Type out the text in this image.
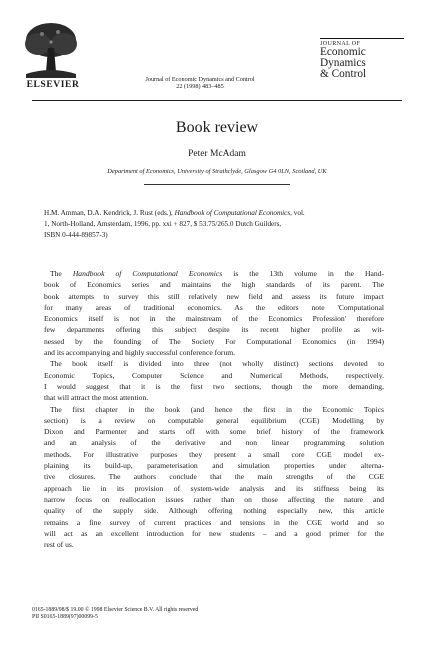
ELSEVIER
Journal of Economic Dynamics and Control
22 (1998) 483–485
JOURNAL OF
Economic
Dynamics
& Control
Book review
Peter McAdam
Department of Economics, University of Strathclyde, Glasgow G4 0LN, Scotland, UK
H.M. Amman, D.A. Kendrick, J. Rust (eds.), Handbook of Computational Economics, vol.
1, North-Holland, Amsterdam, 1996, pp. xxi + 827, $ 53.75/265.0 Dutch Guilders,
ISBN 0-444-89857-3)
The Handbook of Computational Economics is the 13th volume in the Hand-
book of Economics series and maintains the high standards of its parent. The
book attempts to survey this still relatively new field and assess its future impact
for many areas of traditional economics. As the editors note 'Computational
Economics itself is not in the mainstream of the Economics Profession' therefore
few departments offering this subject despite its recent higher profile as wit-
nessed by the founding of The Society For Computational Economics (in 1994)
and its accompanying and highly successful conference forum.
The book itself is divided into three (not wholly distinct) sections devoted to
Economic Topics, Computer Science and Numerical Methods, respectively.
I would suggest that it is the first two sections, though the more demanding,
that will attract the most attention.
The first chapter in the book (and hence the first in the Economic Topics
section) is a review on computable general equilibrium (CGE) Modelling by
Dixon and Parmenter and starts off with some brief history of the framework
and an analysis of the derivative and non linear programming solution
methods. For illustrative purposes they present a small core CGE model ex-
plaining its build-up, parameterisation and simulation properties under alterna-
tive closures. The authors conclude that the main strengths of the CGE
approach lie in its provision of system-wide analysis and its stiffness being its
narrow focus on reallocation issues rather than on those affecting the nature and
quality of the supply side. Although offering nothing especially new, this article
remains a fine survey of current practices and tensions in the CGE world and so
will act as an excellent introduction for new students – and a good primer for the
rest of us.
0165-1889/98/$ 19.00 © 1998 Elsevier Science B.V. All rights reserved
PII S0165-1889(97)00099-5
